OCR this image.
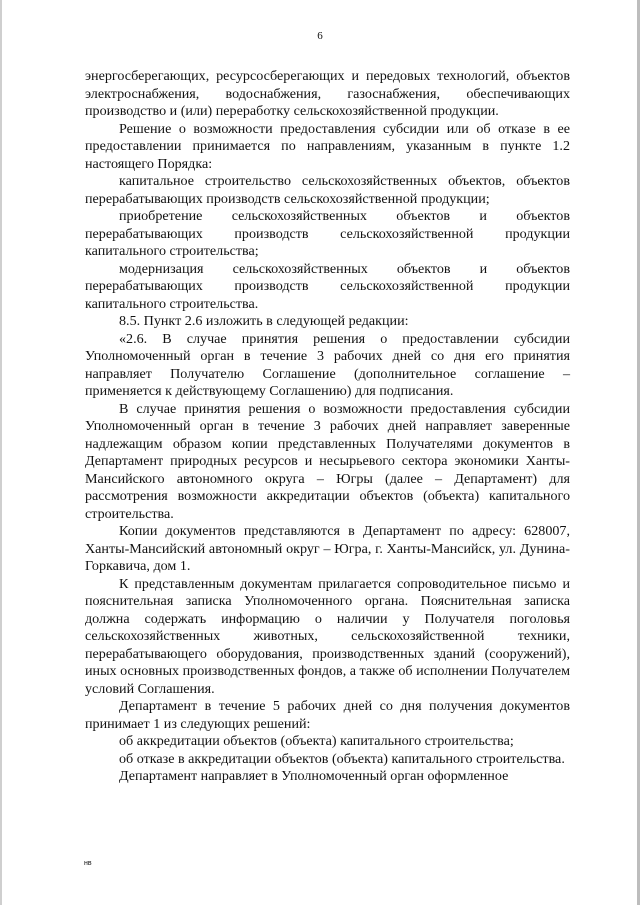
6

энергосберегающих, ресурсосберегающих и передовых технологий, объектов электроснабжения, водоснабжения, газоснабжения, обеспечивающих производство и (или) переработку сельскохозяйственной продукции.

Решение о возможности предоставления субсидии или об отказе в ее предоставлении принимается по направлениям, указанным в пункте 1.2 настоящего Порядка:

капитальное строительство сельскохозяйственных объектов, объектов перерабатывающих производств сельскохозяйственной продукции;

приобретение сельскохозяйственных объектов и объектов перерабатывающих производств сельскохозяйственной продукции капитального строительства;

модернизация сельскохозяйственных объектов и объектов перерабатывающих производств сельскохозяйственной продукции капитального строительства.

8.5. Пункт 2.6 изложить в следующей редакции:

«2.6. В случае принятия решения о предоставлении субсидии Уполномоченный орган в течение 3 рабочих дней со дня его принятия направляет Получателю Соглашение (дополнительное соглашение – применяется к действующему Соглашению) для подписания.

В случае принятия решения о возможности предоставления субсидии Уполномоченный орган в течение 3 рабочих дней направляет заверенные надлежащим образом копии представленных Получателями документов в Департамент природных ресурсов и несырьевого сектора экономики Ханты-Мансийского автономного округа – Югры (далее – Департамент) для рассмотрения возможности аккредитации объектов (объекта) капитального строительства.

Копии документов представляются в Департамент по адресу: 628007, Ханты-Мансийский автономный округ – Югра, г. Ханты-Мансийск, ул. Дунина-Горкавича, дом 1.

К представленным документам прилагается сопроводительное письмо и пояснительная записка Уполномоченного органа. Пояснительная записка должна содержать информацию о наличии у Получателя поголовья сельскохозяйственных животных, сельскохозяйственной техники, перерабатывающего оборудования, производственных зданий (сооружений), иных основных производственных фондов, а также об исполнении Получателем условий Соглашения.

Департамент в течение 5 рабочих дней со дня получения документов принимает 1 из следующих решений:

об аккредитации объектов (объекта) капитального строительства;

об отказе в аккредитации объектов (объекта) капитального строительства.

Департамент направляет в Уполномоченный орган оформленное

нв
